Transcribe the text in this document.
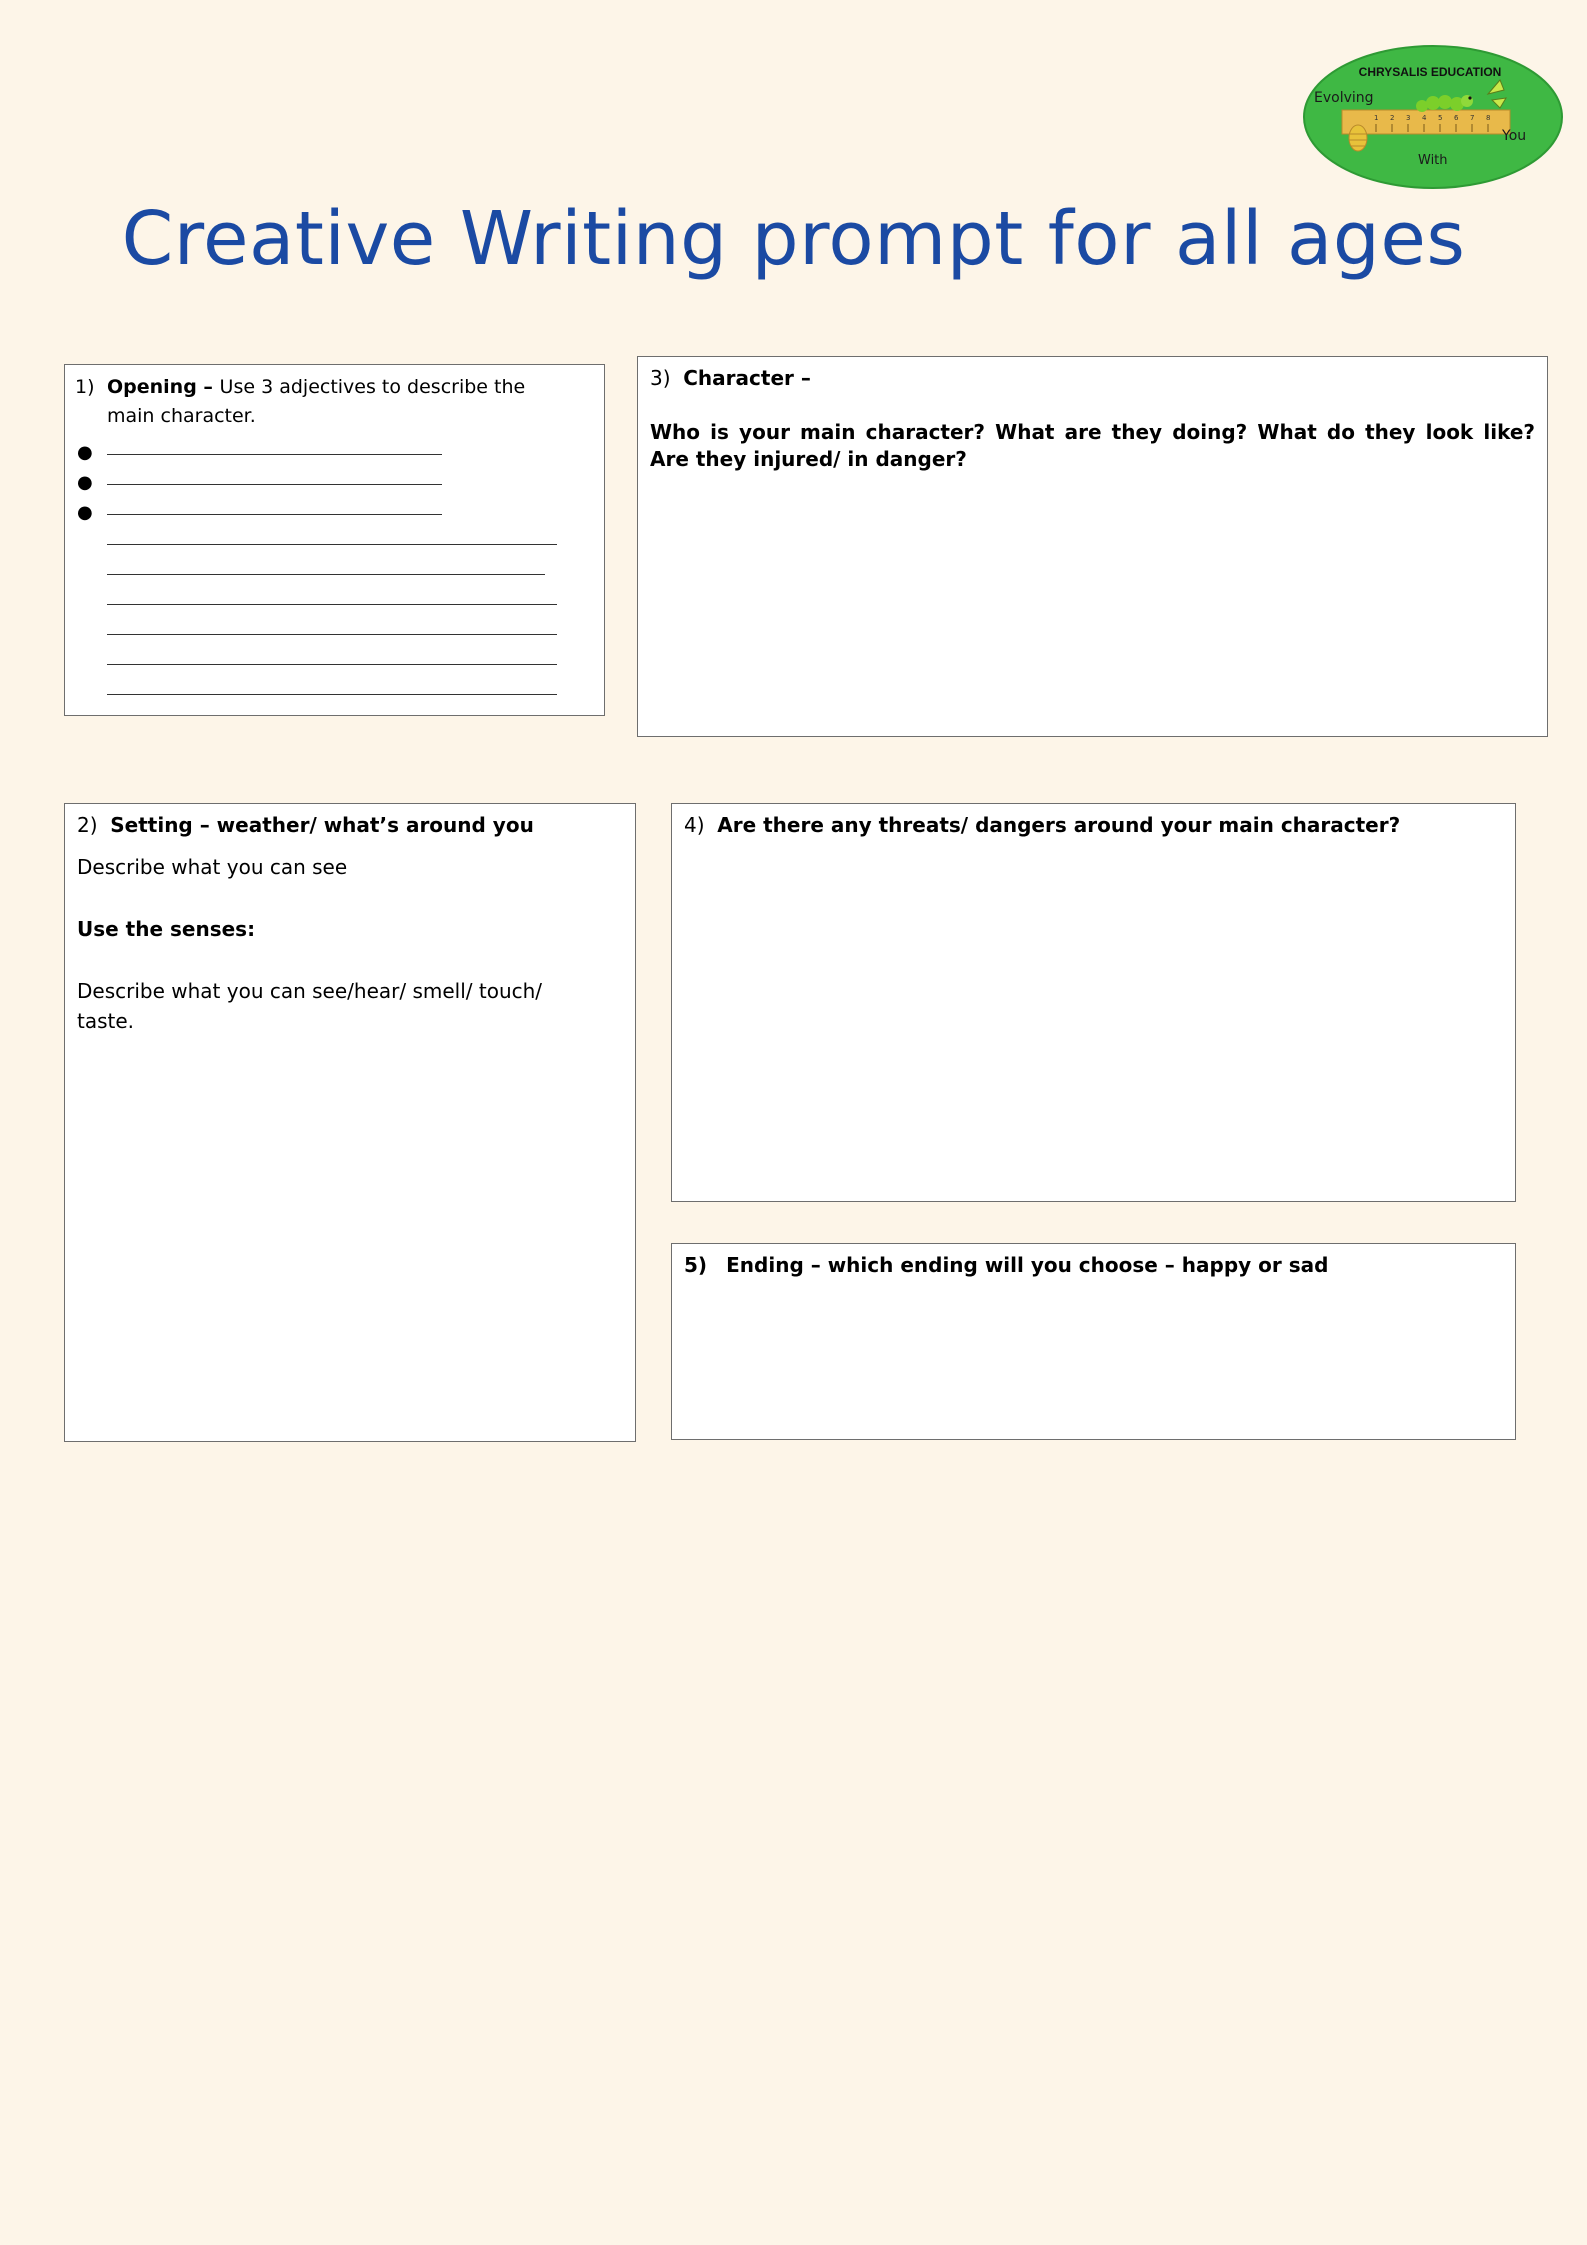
CHRYSALIS EDUCATION
Evolving
1 2 3 4 5 6 7 8
You
With
Creative Writing prompt for all ages
1) Opening – Use 3 adjectives to describe the main character.
●
●
●
3) Character –
Who is your main character? What are they doing? What do they look like? Are they injured/ in danger?

2) Setting – weather/ what’s around you

Describe what you can see

Use the senses:

Describe what you can see/hear/ smell/ touch/ taste.

4) Are there any threats/ dangers around your main character?
5) Ending – which ending will you choose – happy or sad
